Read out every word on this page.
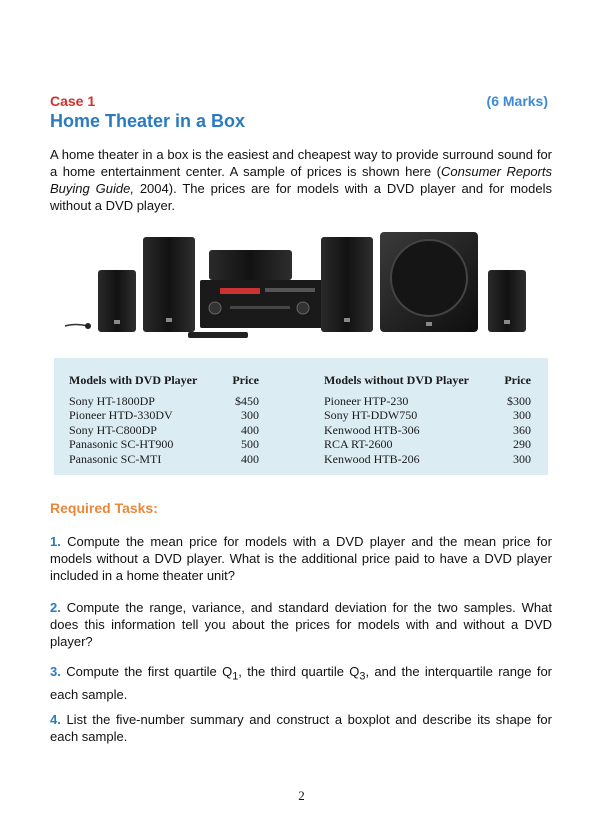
Case 1	(6 Marks)
Home Theater in a Box
A home theater in a box is the easiest and cheapest way to provide surround sound for a home entertainment center. A sample of prices is shown here (Consumer Reports Buying Guide, 2004). The prices are for models with a DVD player and for models without a DVD player.
Models with DVD Player
Sony HT-1800DP
Pioneer HTD-330DV
Sony HT-C800DP
Panasonic SC-HT900
Panasonic SC-MTI
Price
$450
300
400
500
400
Models without DVD Player
Pioneer HTP-230
Sony HT-DDW750
Kenwood HTB-306
RCA RT-2600
Kenwood HTB-206
Price
$300
300
360
290
300
Required Tasks:
1. Compute the mean price for models with a DVD player and the mean price for models without a DVD player. What is the additional price paid to have a DVD player included in a home theater unit?
2. Compute the range, variance, and standard deviation for the two samples. What does this information tell you about the prices for models with and without a DVD player?
3. Compute the first quartile $Q_1$, the third quartile $Q_3$, and the interquartile range for each sample.
4. List the five-number summary and construct a boxplot and describe its shape for each sample.
2
